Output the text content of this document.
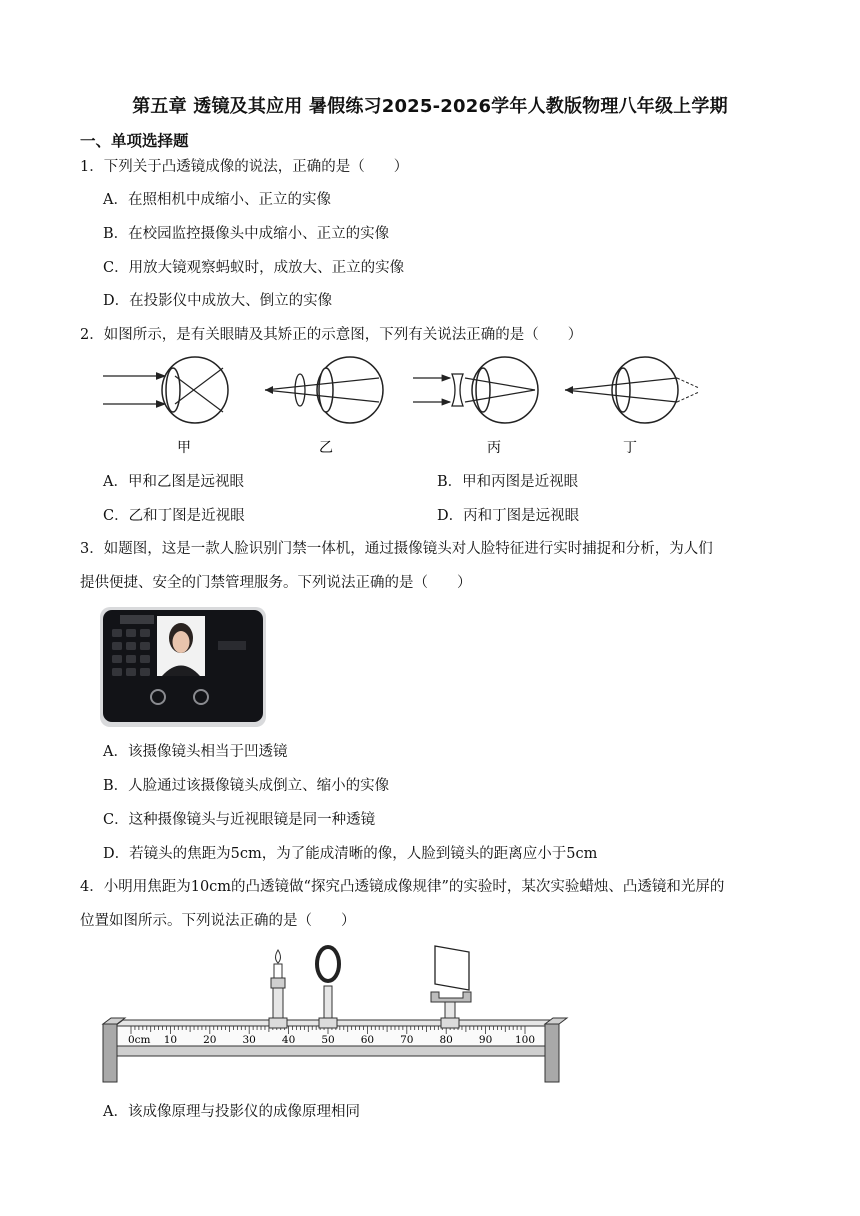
第五章 透镜及其应用 暑假练习2025-2026学年人教版物理八年级上学期
一、单项选择题
1．下列关于凸透镜成像的说法，正确的是（　　）
A．在照相机中成缩小、正立的实像
B．在校园监控摄像头中成缩小、正立的实像
C．用放大镜观察蚂蚁时，成放大、正立的实像
D．在投影仪中成放大、倒立的实像
2．如图所示，是有关眼睛及其矫正的示意图，下列有关说法正确的是（　　）
甲	乙	丙	丁
A．甲和乙图是远视眼	B．甲和丙图是近视眼
C．乙和丁图是近视眼	D．丙和丁图是远视眼
3．如题图，这是一款人脸识别门禁一体机，通过摄像镜头对人脸特征进行实时捕捉和分析，为人们
提供便捷、安全的门禁管理服务。下列说法正确的是（　　）
A．该摄像镜头相当于凹透镜
B．人脸通过该摄像镜头成倒立、缩小的实像
C．这种摄像镜头与近视眼镜是同一种透镜
D．若镜头的焦距为5cm，为了能成清晰的像，人脸到镜头的距离应小于5cm
4．小明用焦距为10cm的凸透镜做“探究凸透镜成像规律”的实验时，某次实验蜡烛、凸透镜和光屏的
位置如图所示。下列说法正确的是（　　）
0cm 10 20 30 40 50 60 70 80 90 100
A．该成像原理与投影仪的成像原理相同
